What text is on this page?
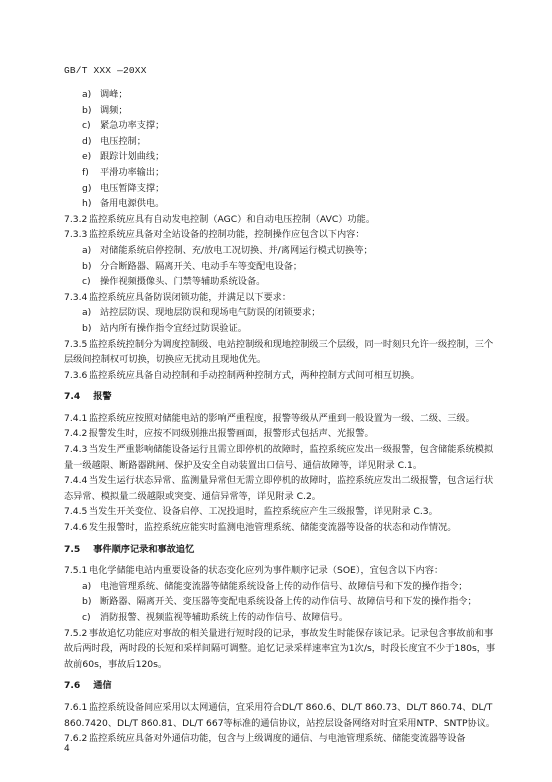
GB/T XXX —20XX
a) 调峰；
b) 调频；
c) 紧急功率支撑；
d) 电压控制；
e) 跟踪计划曲线；
f) 平滑功率输出；
g) 电压暂降支撑；
h) 备用电源供电。
7.3.2 监控系统应具有自动发电控制（AGC）和自动电压控制（AVC）功能。
7.3.3 监控系统应具备对全站设备的控制功能，控制操作应包含以下内容：
a) 对储能系统启停控制、充/放电工况切换、并/离网运行模式切换等；
b) 分合断路器、隔离开关、电动手车等变配电设备；
c) 操作视频摄像头、门禁等辅助系统设备。
7.3.4 监控系统应具备防误闭锁功能，并满足以下要求：
a) 站控层防误、现地层防误和现场电气防误的闭锁要求；
b) 站内所有操作指令宜经过防误验证。
7.3.5 监控系统控制分为调度控制级、电站控制级和现地控制级三个层级，同一时刻只允许一级控制，三个层级间控制权可切换，切换应无扰动且现地优先。
7.3.6 监控系统应具备自动控制和手动控制两种控制方式，两种控制方式间可相互切换。
7.4 报警
7.4.1 监控系统应按照对储能电站的影响严重程度，报警等级从严重到一般设置为一级、二级、三级。
7.4.2 报警发生时，应按不同级别推出报警画面，报警形式包括声、光报警。
7.4.3 当发生严重影响储能设备运行且需立即停机的故障时，监控系统应发出一级报警，包含储能系统模拟量一级越限、断路器跳闸、保护及安全自动装置出口信号、通信故障等，详见附录 C.1。
7.4.4 当发生运行状态异常、监测量异常但无需立即停机的故障时，监控系统应发出二级报警，包含运行状态异常、模拟量二级越限或突变、通信异常等，详见附录 C.2。
7.4.5 当发生开关变位、设备启停、工况投退时，监控系统应产生三级报警，详见附录 C.3。
7.4.6 发生报警时，监控系统应能实时监测电池管理系统、储能变流器等设备的状态和动作情况。
7.5 事件顺序记录和事故追忆
7.5.1 电化学储能电站内重要设备的状态变化应列为事件顺序记录（SOE），宜包含以下内容：
a) 电池管理系统、储能变流器等储能系统设备上传的动作信号、故障信号和下发的操作指令；
b) 断路器、隔离开关、变压器等变配电系统设备上传的动作信号、故障信号和下发的操作指令；
c) 消防报警、视频监视等辅助系统上传的动作信号、故障信号。
7.5.2 事故追忆功能应对事故的相关量进行短时段的记录，事故发生时能保存该记录。记录包含事故前和事故后两时段，两时段的长短和采样间隔可调整。追忆记录采样速率宜为1次/s，时段长度宜不少于180s，事故前60s，事故后120s。
7.6 通信
7.6.1 监控系统设备间应采用以太网通信，宜采用符合DL/T 860.6、DL/T 860.73、DL/T 860.74、DL/T 860.7420、DL/T 860.81、DL/T 667等标准的通信协议，站控层设备网络对时宜采用NTP、SNTP协议。
7.6.2 监控系统应具备对外通信功能，包含与上级调度的通信、与电池管理系统、储能变流器等设备
4
